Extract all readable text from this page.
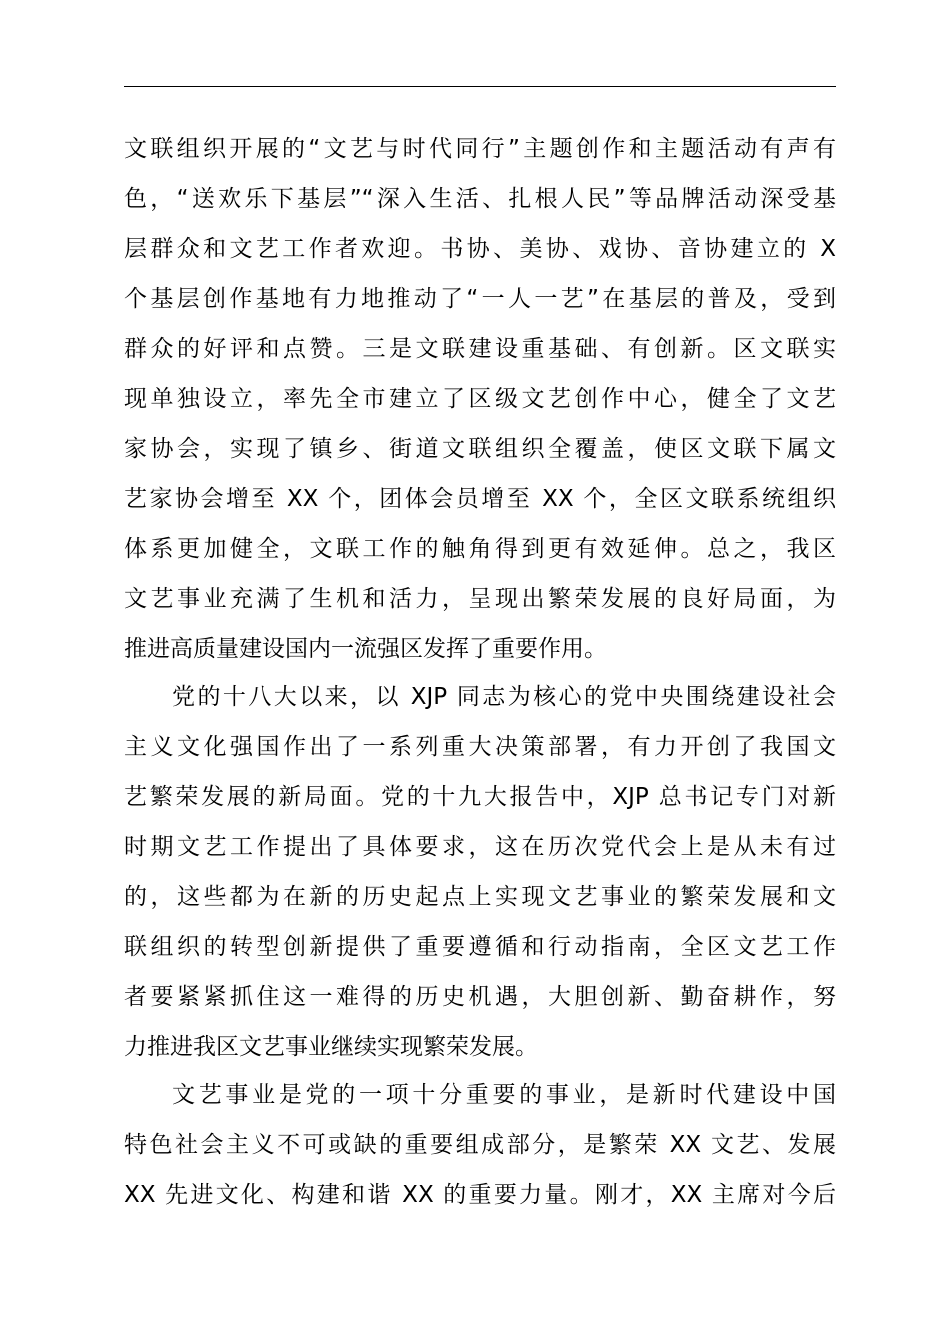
文联组织开展的“文艺与时代同行”主题创作和主题活动有声有
色，“送欢乐下基层”“深入生活、扎根人民”等品牌活动深受基
层群众和文艺工作者欢迎。书协、美协、戏协、音协建立的 X
个基层创作基地有力地推动了“一人一艺”在基层的普及，受到
群众的好评和点赞。三是文联建设重基础、有创新。区文联实
现单独设立，率先全市建立了区级文艺创作中心，健全了文艺
家协会，实现了镇乡、街道文联组织全覆盖，使区文联下属文
艺家协会增至 XX 个，团体会员增至 XX 个，全区文联系统组织
体系更加健全，文联工作的触角得到更有效延伸。总之，我区
文艺事业充满了生机和活力，呈现出繁荣发展的良好局面，为
推进高质量建设国内一流强区发挥了重要作用。
党的十八大以来，以 XJP 同志为核心的党中央围绕建设社会
主义文化强国作出了一系列重大决策部署，有力开创了我国文
艺繁荣发展的新局面。党的十九大报告中，XJP 总书记专门对新
时期文艺工作提出了具体要求，这在历次党代会上是从未有过
的，这些都为在新的历史起点上实现文艺事业的繁荣发展和文
联组织的转型创新提供了重要遵循和行动指南，全区文艺工作
者要紧紧抓住这一难得的历史机遇，大胆创新、勤奋耕作，努
力推进我区文艺事业继续实现繁荣发展。
文艺事业是党的一项十分重要的事业，是新时代建设中国
特色社会主义不可或缺的重要组成部分，是繁荣 XX 文艺、发展
XX 先进文化、构建和谐 XX 的重要力量。刚才，XX 主席对今后
